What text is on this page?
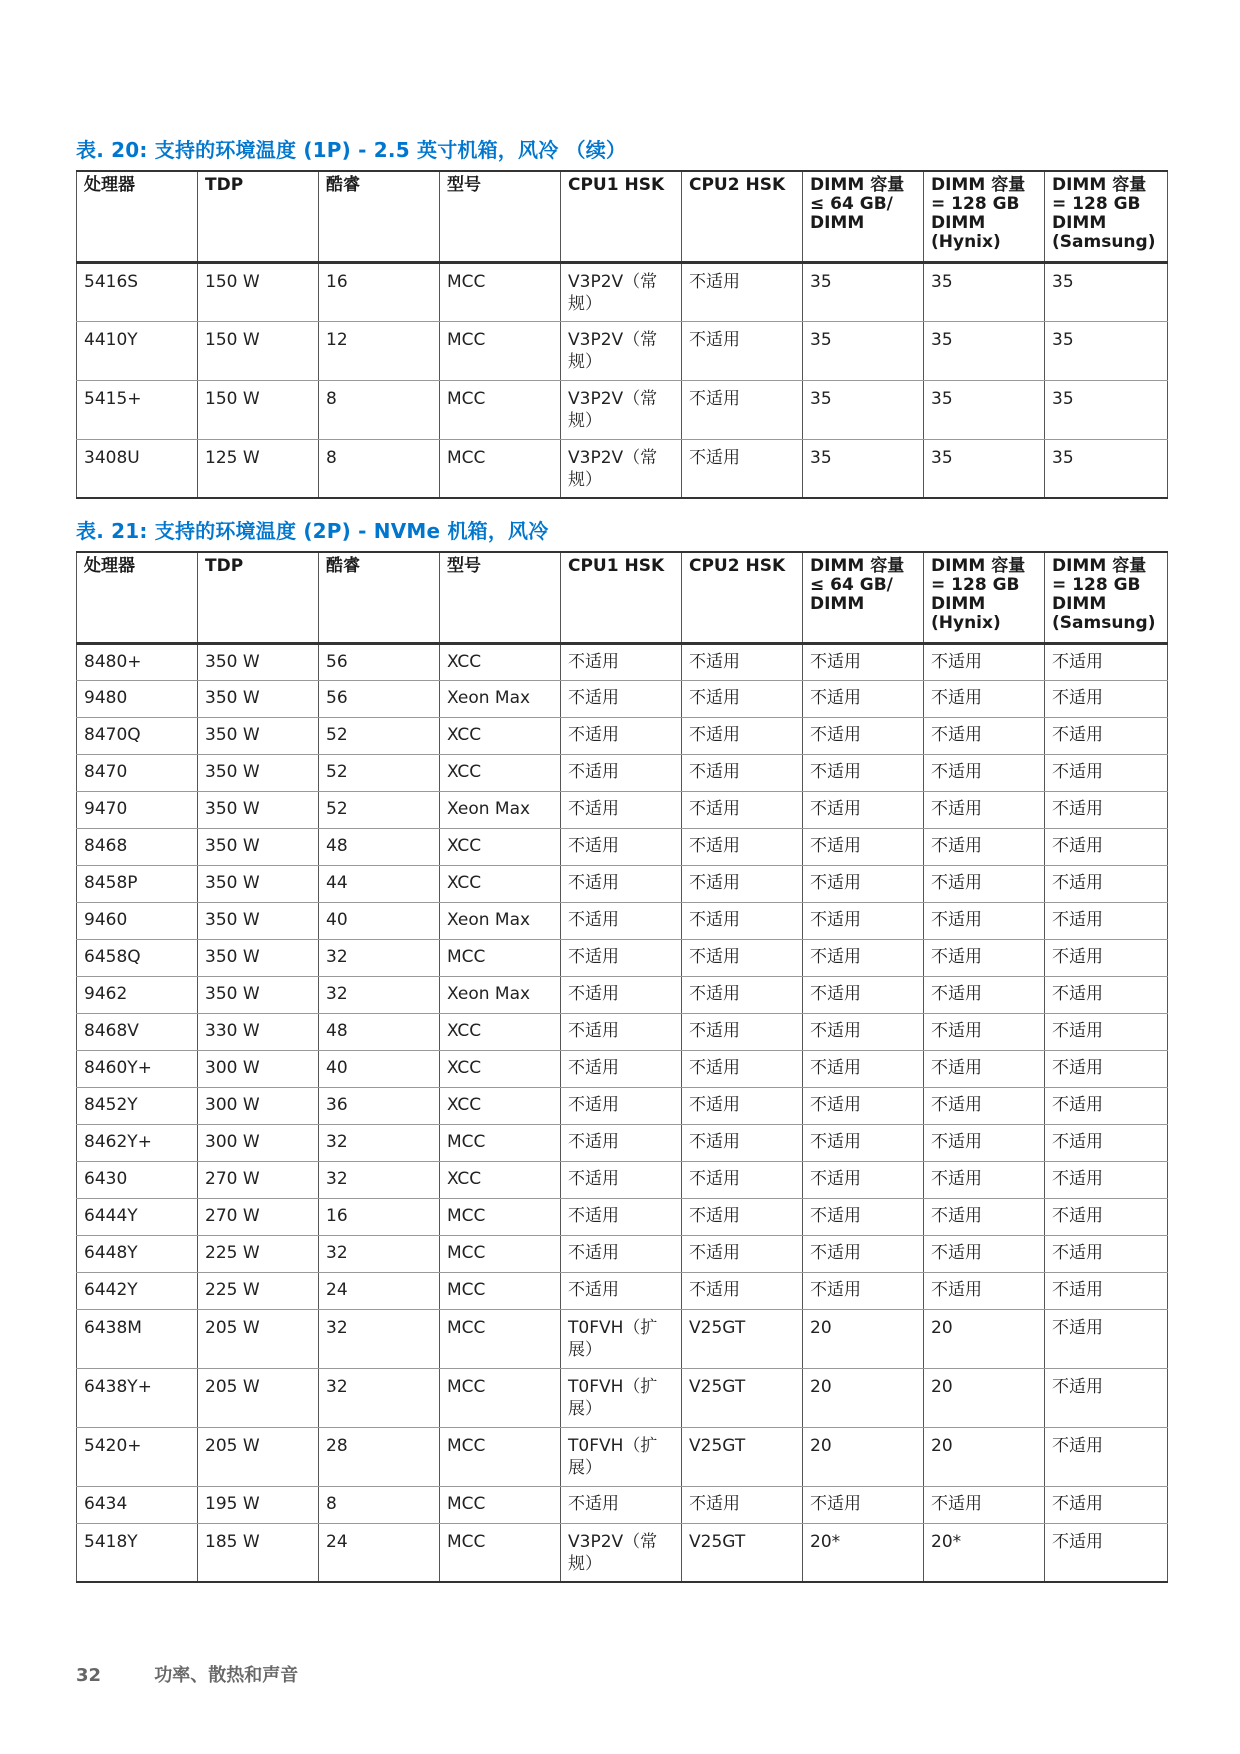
表. 20: 支持的环境温度 (1P) - 2.5 英寸机箱，风冷 （续）
处理器	TDP	酷睿	型号	CPU1 HSK	CPU2 HSK	DIMM 容量 ≤ 64 GB/ DIMM	DIMM 容量 = 128 GB DIMM (Hynix)	DIMM 容量 = 128 GB DIMM (Samsung)
5416S	150 W	16	MCC	V3P2V（常规）	不适用	35	35	35
4410Y	150 W	12	MCC	V3P2V（常规）	不适用	35	35	35
5415+	150 W	8	MCC	V3P2V（常规）	不适用	35	35	35
3408U	125 W	8	MCC	V3P2V（常规）	不适用	35	35	35
表. 21: 支持的环境温度 (2P) - NVMe 机箱，风冷
处理器	TDP	酷睿	型号	CPU1 HSK	CPU2 HSK	DIMM 容量 ≤ 64 GB/ DIMM	DIMM 容量 = 128 GB DIMM (Hynix)	DIMM 容量 = 128 GB DIMM (Samsung)
8480+	350 W	56	XCC	不适用	不适用	不适用	不适用	不适用
9480	350 W	56	Xeon Max	不适用	不适用	不适用	不适用	不适用
8470Q	350 W	52	XCC	不适用	不适用	不适用	不适用	不适用
8470	350 W	52	XCC	不适用	不适用	不适用	不适用	不适用
9470	350 W	52	Xeon Max	不适用	不适用	不适用	不适用	不适用
8468	350 W	48	XCC	不适用	不适用	不适用	不适用	不适用
8458P	350 W	44	XCC	不适用	不适用	不适用	不适用	不适用
9460	350 W	40	Xeon Max	不适用	不适用	不适用	不适用	不适用
6458Q	350 W	32	MCC	不适用	不适用	不适用	不适用	不适用
9462	350 W	32	Xeon Max	不适用	不适用	不适用	不适用	不适用
8468V	330 W	48	XCC	不适用	不适用	不适用	不适用	不适用
8460Y+	300 W	40	XCC	不适用	不适用	不适用	不适用	不适用
8452Y	300 W	36	XCC	不适用	不适用	不适用	不适用	不适用
8462Y+	300 W	32	MCC	不适用	不适用	不适用	不适用	不适用
6430	270 W	32	XCC	不适用	不适用	不适用	不适用	不适用
6444Y	270 W	16	MCC	不适用	不适用	不适用	不适用	不适用
6448Y	225 W	32	MCC	不适用	不适用	不适用	不适用	不适用
6442Y	225 W	24	MCC	不适用	不适用	不适用	不适用	不适用
6438M	205 W	32	MCC	T0FVH（扩展）	V25GT	20	20	不适用
6438Y+	205 W	32	MCC	T0FVH（扩展）	V25GT	20	20	不适用
5420+	205 W	28	MCC	T0FVH（扩展）	V25GT	20	20	不适用
6434	195 W	8	MCC	不适用	不适用	不适用	不适用	不适用
5418Y	185 W	24	MCC	V3P2V（常规）	V25GT	20*	20*	不适用
32	功率、散热和声音
